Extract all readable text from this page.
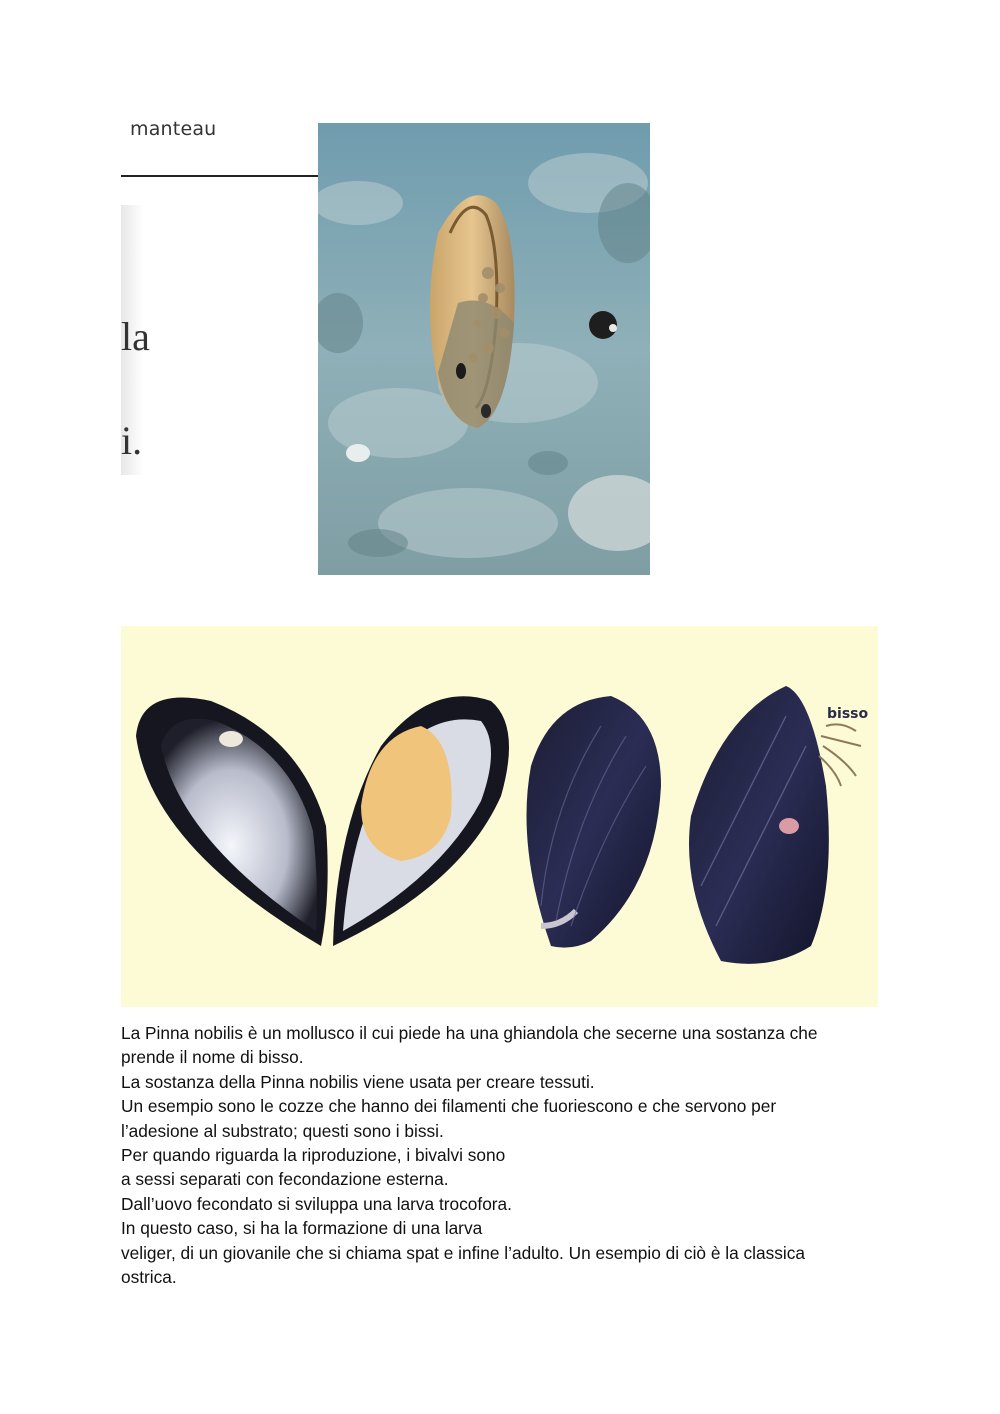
manteau
la
i.
bisso

La Pinna nobilis è un mollusco il cui piede ha una ghiandola che secerne una sostanza che

prende il nome di bisso.

La sostanza della Pinna nobilis viene usata per creare tessuti.

Un esempio sono le cozze che hanno dei filamenti che fuoriescono e che servono per

l’adesione al substrato; questi sono i bissi.

Per quando riguarda la riproduzione, i bivalvi sono

a sessi separati con fecondazione esterna.

Dall’uovo fecondato si sviluppa una larva trocofora.

In questo caso, si ha la formazione di una larva

veliger, di un giovanile che si chiama spat e infine l’adulto. Un esempio di ciò è la classica

ostrica.
